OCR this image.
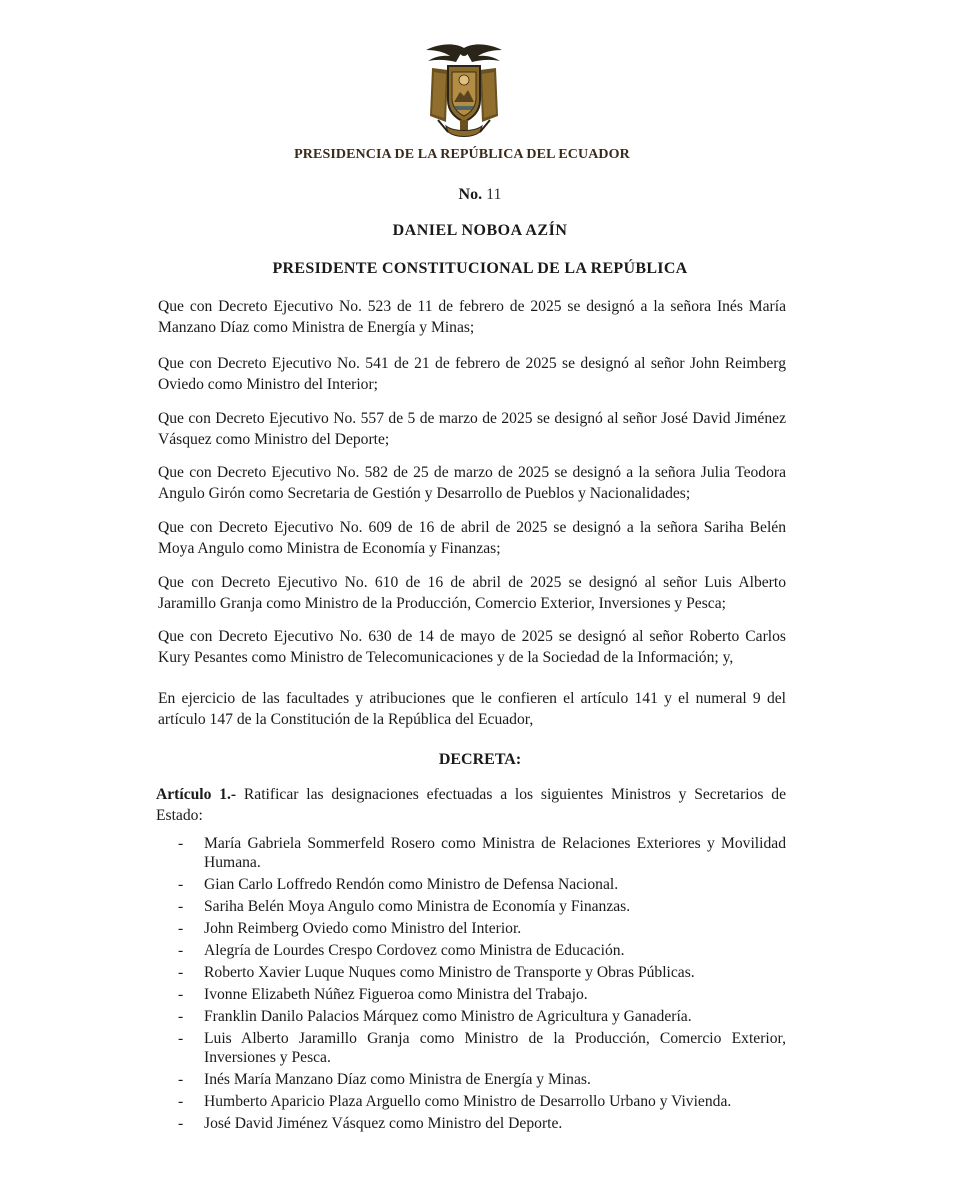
PRESIDENCIA DE LA REPÚBLICA DEL ECUADOR
No. 11
DANIEL NOBOA AZÍN
PRESIDENTE CONSTITUCIONAL DE LA REPÚBLICA
Que con Decreto Ejecutivo No. 523 de 11 de febrero de 2025 se designó a la señora Inés María Manzano Díaz como Ministra de Energía y Minas;
Que con Decreto Ejecutivo No. 541 de 21 de febrero de 2025 se designó al señor John Reimberg Oviedo como Ministro del Interior;
Que con Decreto Ejecutivo No. 557 de 5 de marzo de 2025 se designó al señor José David Jiménez Vásquez como Ministro del Deporte;
Que con Decreto Ejecutivo No. 582 de 25 de marzo de 2025 se designó a la señora Julia Teodora Angulo Girón como Secretaria de Gestión y Desarrollo de Pueblos y Nacionalidades;
Que con Decreto Ejecutivo No. 609 de 16 de abril de 2025 se designó a la señora Sariha Belén Moya Angulo como Ministra de Economía y Finanzas;
Que con Decreto Ejecutivo No. 610 de 16 de abril de 2025 se designó al señor Luis Alberto Jaramillo Granja como Ministro de la Producción, Comercio Exterior, Inversiones y Pesca;
Que con Decreto Ejecutivo No. 630 de 14 de mayo de 2025 se designó al señor Roberto Carlos Kury Pesantes como Ministro de Telecomunicaciones y de la Sociedad de la Información; y,
En ejercicio de las facultades y atribuciones que le confieren el artículo 141 y el numeral 9 del artículo 147 de la Constitución de la República del Ecuador,
DECRETA:
Artículo 1.- Ratificar las designaciones efectuadas a los siguientes Ministros y Secretarios de Estado:
- María Gabriela Sommerfeld Rosero como Ministra de Relaciones Exteriores y Movilidad Humana.
- Gian Carlo Loffredo Rendón como Ministro de Defensa Nacional.
- Sariha Belén Moya Angulo como Ministra de Economía y Finanzas.
- John Reimberg Oviedo como Ministro del Interior.
- Alegría de Lourdes Crespo Cordovez como Ministra de Educación.
- Roberto Xavier Luque Nuques como Ministro de Transporte y Obras Públicas.
- Ivonne Elizabeth Núñez Figueroa como Ministra del Trabajo.
- Franklin Danilo Palacios Márquez como Ministro de Agricultura y Ganadería.
- Luis Alberto Jaramillo Granja como Ministro de la Producción, Comercio Exterior, Inversiones y Pesca.
- Inés María Manzano Díaz como Ministra de Energía y Minas.
- Humberto Aparicio Plaza Arguello como Ministro de Desarrollo Urbano y Vivienda.
- José David Jiménez Vásquez como Ministro del Deporte.
